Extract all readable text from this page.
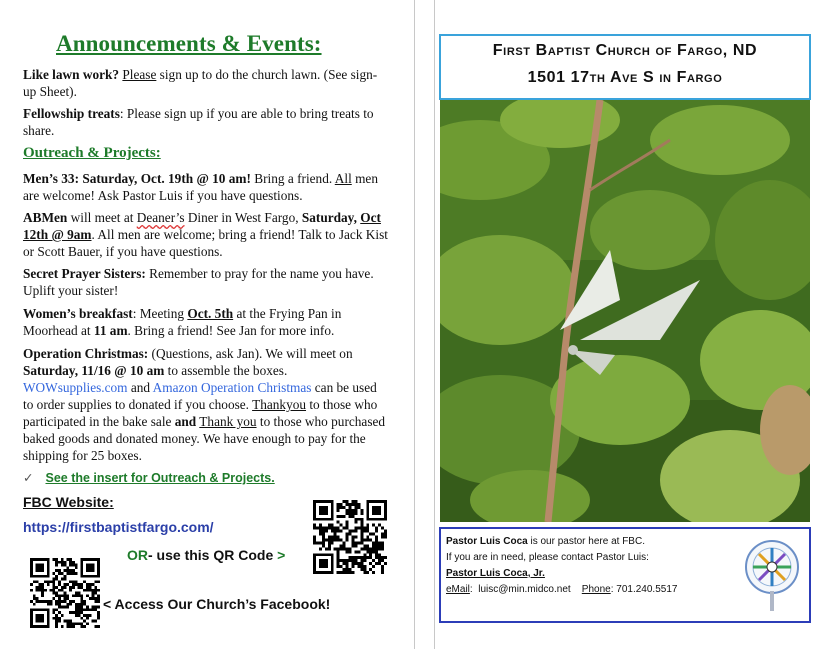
Announcements & Events:
Like lawn work? Please sign up to do the church lawn. (See sign-up Sheet).
Fellowship treats: Please sign up if you are able to bring treats to share.
Outreach & Projects:
Men’s 33: Saturday, Oct. 19th @ 10 am! Bring a friend. All men are welcome! Ask Pastor Luis if you have questions.
ABMen will meet at Deaner’s Diner in West Fargo, Saturday, Oct 12th @ 9am. All men are welcome; bring a friend! Talk to Jack Kist or Scott Bauer, if you have questions.
Secret Prayer Sisters: Remember to pray for the name you have. Uplift your sister!
Women’s breakfast: Meeting Oct. 5th at the Frying Pan in Moorhead at 11 am. Bring a friend! See Jan for more info.
Operation Christmas: (Questions, ask Jan). We will meet on Saturday, 11/16 @ 10 am to assemble the boxes. WOWsupplies.com and Amazon Operation Christmas can be used to order supplies to donated if you choose. Thankyou to those who participated in the bake sale and Thank you to those who purchased baked goods and donated money. We have enough to pay for the shipping for 25 boxes.
✓ See the insert for Outreach & Projects.
FBC Website:
https://firstbaptistfargo.com/
OR- use this QR Code >
< Access Our Church’s Facebook!
First Baptist Church of Fargo, ND
1501 17th Ave S in Fargo
Pastor Luis Coca is our pastor here at FBC.
If you are in need, please contact Pastor Luis:
Pastor Luis Coca, Jr.
eMail:  luisc@min.midco.net Phone: 701.240.5517
